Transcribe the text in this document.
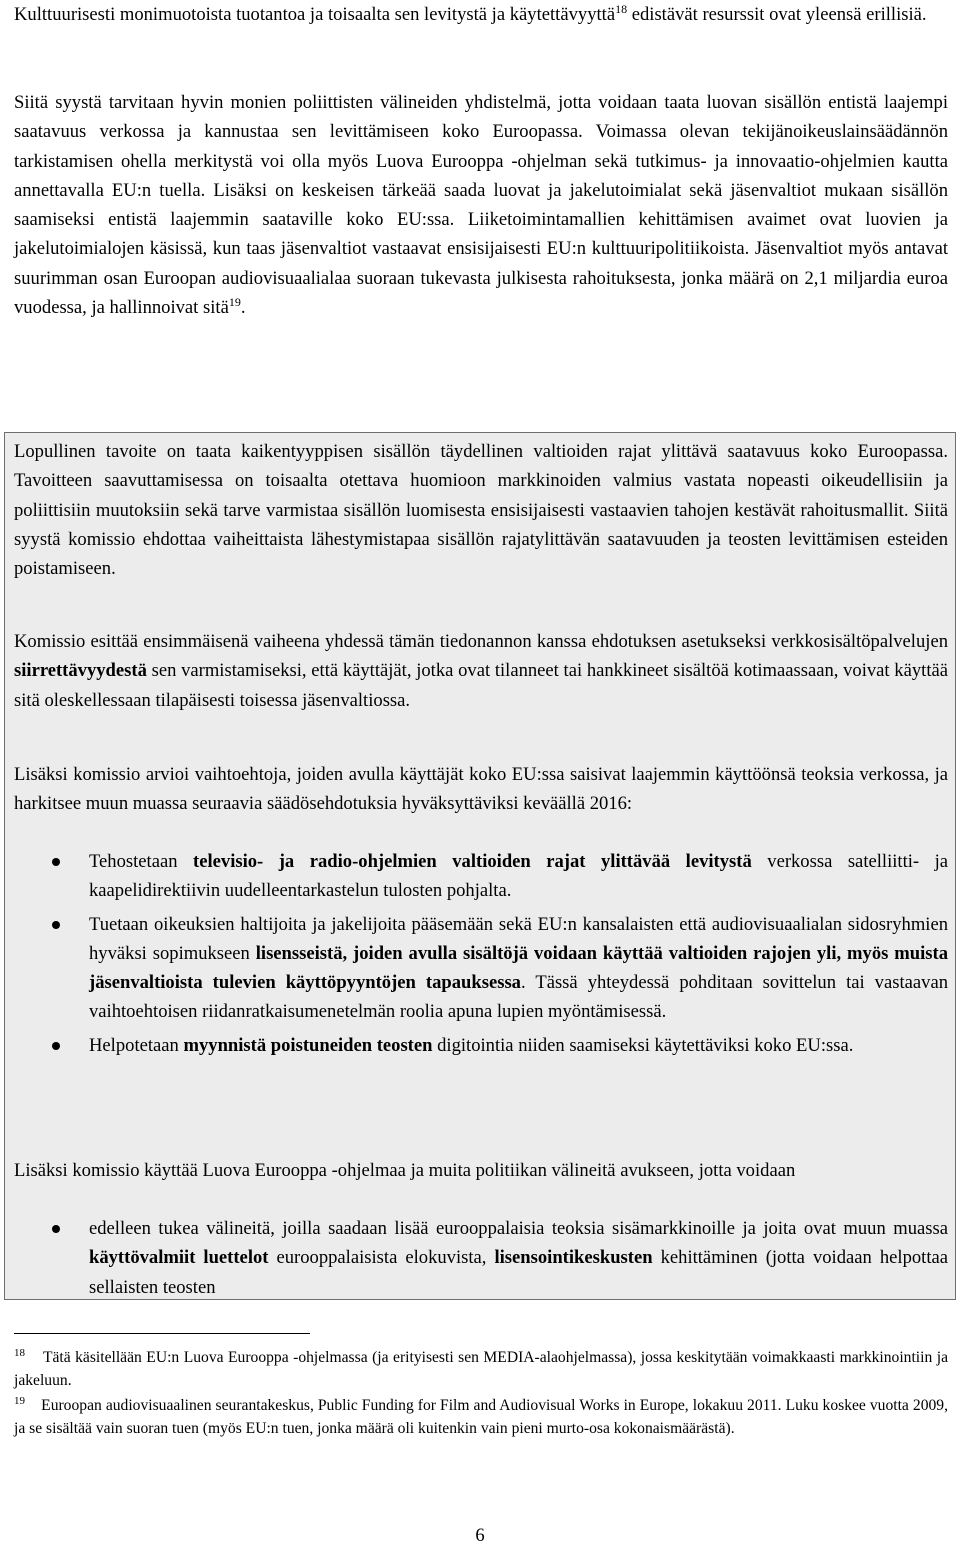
Kulttuurisesti monimuotoista tuotantoa ja toisaalta sen levitystä ja käytettävyyttä$^{18}$ edistävät resurssit ovat yleensä erillisiä.

Siitä syystä tarvitaan hyvin monien poliittisten välineiden yhdistelmä, jotta voidaan taata luovan sisällön entistä laajempi saatavuus verkossa ja kannustaa sen levittämiseen koko Euroopassa. Voimassa olevan tekijänoikeuslainsäädännön tarkistamisen ohella merkitystä voi olla myös Luova Eurooppa -ohjelman sekä tutkimus- ja innovaatio-ohjelmien kautta annettavalla EU:n tuella. Lisäksi on keskeisen tärkeää saada luovat ja jakelutoimialat sekä jäsenvaltiot mukaan sisällön saamiseksi entistä laajemmin saataville koko EU:ssa. Liiketoimintamallien kehittämisen avaimet ovat luovien ja jakelutoimialojen käsissä, kun taas jäsenvaltiot vastaavat ensisijaisesti EU:n kulttuuripolitiikoista. Jäsenvaltiot myös antavat suurimman osan Euroopan audiovisuaalialaa suoraan tukevasta julkisesta rahoituksesta, jonka määrä on 2,1 miljardia euroa vuodessa, ja hallinnoivat sitä$^{19}$.

Lopullinen tavoite on taata kaikentyyppisen sisällön täydellinen valtioiden rajat ylittävä saatavuus koko Euroopassa. Tavoitteen saavuttamisessa on toisaalta otettava huomioon markkinoiden valmius vastata nopeasti oikeudellisiin ja poliittisiin muutoksiin sekä tarve varmistaa sisällön luomisesta ensisijaisesti vastaavien tahojen kestävät rahoitusmallit. Siitä syystä komissio ehdottaa vaiheittaista lähestymistapaa sisällön rajatylittävän saatavuuden ja teosten levittämisen esteiden poistamiseen.

Komissio esittää ensimmäisenä vaiheena yhdessä tämän tiedonannon kanssa ehdotuksen asetukseksi verkkosisältöpalvelujen siirrettävyydestä sen varmistamiseksi, että käyttäjät, jotka ovat tilanneet tai hankkineet sisältöä kotimaassaan, voivat käyttää sitä oleskellessaan tilapäisesti toisessa jäsenvaltiossa.

Lisäksi komissio arvioi vaihtoehtoja, joiden avulla käyttäjät koko EU:ssa saisivat laajemmin käyttöönsä teoksia verkossa, ja harkitsee muun muassa seuraavia säädösehdotuksia hyväksyttäviksi keväällä 2016:

Tehostetaan televisio- ja radio-ohjelmien valtioiden rajat ylittävää levitystä verkossa satelliitti- ja kaapelidirektiivin uudelleentarkastelun tulosten pohjalta.
Tuetaan oikeuksien haltijoita ja jakelijoita pääsemään sekä EU:n kansalaisten että audiovisuaalialan sidosryhmien hyväksi sopimukseen lisensseistä, joiden avulla sisältöjä voidaan käyttää valtioiden rajojen yli, myös muista jäsenvaltioista tulevien käyttöpyyntöjen tapauksessa. Tässä yhteydessä pohditaan sovittelun tai vastaavan vaihtoehtoisen riidanratkaisumenetelmän roolia apuna lupien myöntämisessä.
Helpotetaan myynnistä poistuneiden teosten digitointia niiden saamiseksi käytettäviksi koko EU:ssa.

Lisäksi komissio käyttää Luova Eurooppa -ohjelmaa ja muita politiikan välineitä avukseen, jotta voidaan

edelleen tukea välineitä, joilla saadaan lisää eurooppalaisia teoksia sisämarkkinoille ja joita ovat muun muassa käyttövalmiit luettelot eurooppalaisista elokuvista, lisensointikeskusten kehittäminen (jotta voidaan helpottaa sellaisten teosten

$^{18}$ Tätä käsitellään EU:n Luova Eurooppa -ohjelmassa (ja erityisesti sen MEDIA-alaohjelmassa), jossa keskitytään voimakkaasti markkinointiin ja jakeluun.

$^{19}$ Euroopan audiovisuaalinen seurantakeskus, Public Funding for Film and Audiovisual Works in Europe, lokakuu 2011. Luku koskee vuotta 2009, ja se sisältää vain suoran tuen (myös EU:n tuen, jonka määrä oli kuitenkin vain pieni murto-osa kokonaismäärästä).

6
